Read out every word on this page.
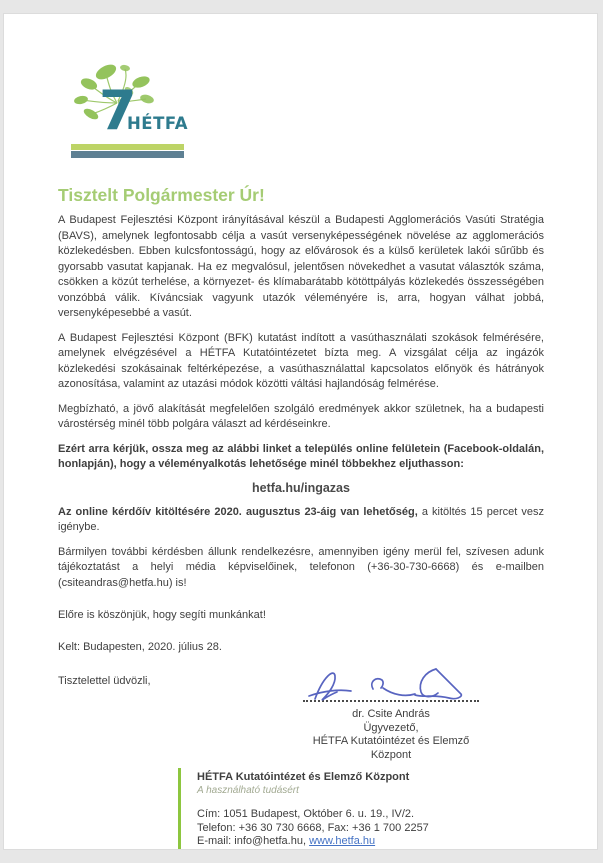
7
HÉTFA
Tisztelt Polgármester Úr!

A Budapest Fejlesztési Központ irányításával készül a Budapesti Agglomerációs Vasúti Stratégia (BAVS), amelynek legfontosabb célja a vasút versenyképességének növelése az agglomerációs közlekedésben. Ebben kulcsfontosságú, hogy az elővárosok és a külső kerületek lakói sűrűbb és gyorsabb vasutat kapjanak. Ha ez megvalósul, jelentősen növekedhet a vasutat választók száma, csökken a közút terhelése, a környezet- és klímabarátabb kötöttpályás közlekedés összességében vonzóbbá válik. Kíváncsiak vagyunk utazók véleményére is, arra, hogyan válhat jobbá, versenyképesebbé a vasút.

A Budapest Fejlesztési Központ (BFK) kutatást indított a vasúthasználati szokások felmérésére, amelynek elvégzésével a HÉTFA Kutatóintézetet bízta meg. A vizsgálat célja az ingázók közlekedési szokásainak feltérképezése, a vasúthasználattal kapcsolatos előnyök és hátrányok azonosítása, valamint az utazási módok közötti váltási hajlandóság felmérése.

Megbízható, a jövő alakítását megfelelően szolgáló eredmények akkor születnek, ha a budapesti várostérség minél több polgára választ ad kérdéseinkre.

Ezért arra kérjük, ossza meg az alábbi linket a település online felületein (Facebook-oldalán, honlapján), hogy a véleményalkotás lehetősége minél többekhez eljuthasson:

hetfa.hu/ingazas

Az online kérdőív kitöltésére 2020. augusztus 23-áig van lehetőség, a kitöltés 15 percet vesz igénybe.

Bármilyen további kérdésben állunk rendelkezésre, amennyiben igény merül fel, szívesen adunk tájékoztatást a helyi média képviselőinek, telefonon (+36-30-730-6668) és e-mailben (csiteandras@hetfa.hu) is!

Előre is köszönjük, hogy segíti munkánkat!

Kelt: Budapesten, 2020. július 28.

Tisztelettel üdvözli,
dr. Csite András
Ügyvezető,
HÉTFA Kutatóintézet és Elemző Központ
HÉTFA Kutatóintézet és Elemző Központ
A használható tudásért
Cím: 1051 Budapest, Október 6. u. 19., IV/2.
Telefon: +36 30 730 6668, Fax: +36 1 700 2257
E-mail: info@hetfa.hu, www.hetfa.hu
